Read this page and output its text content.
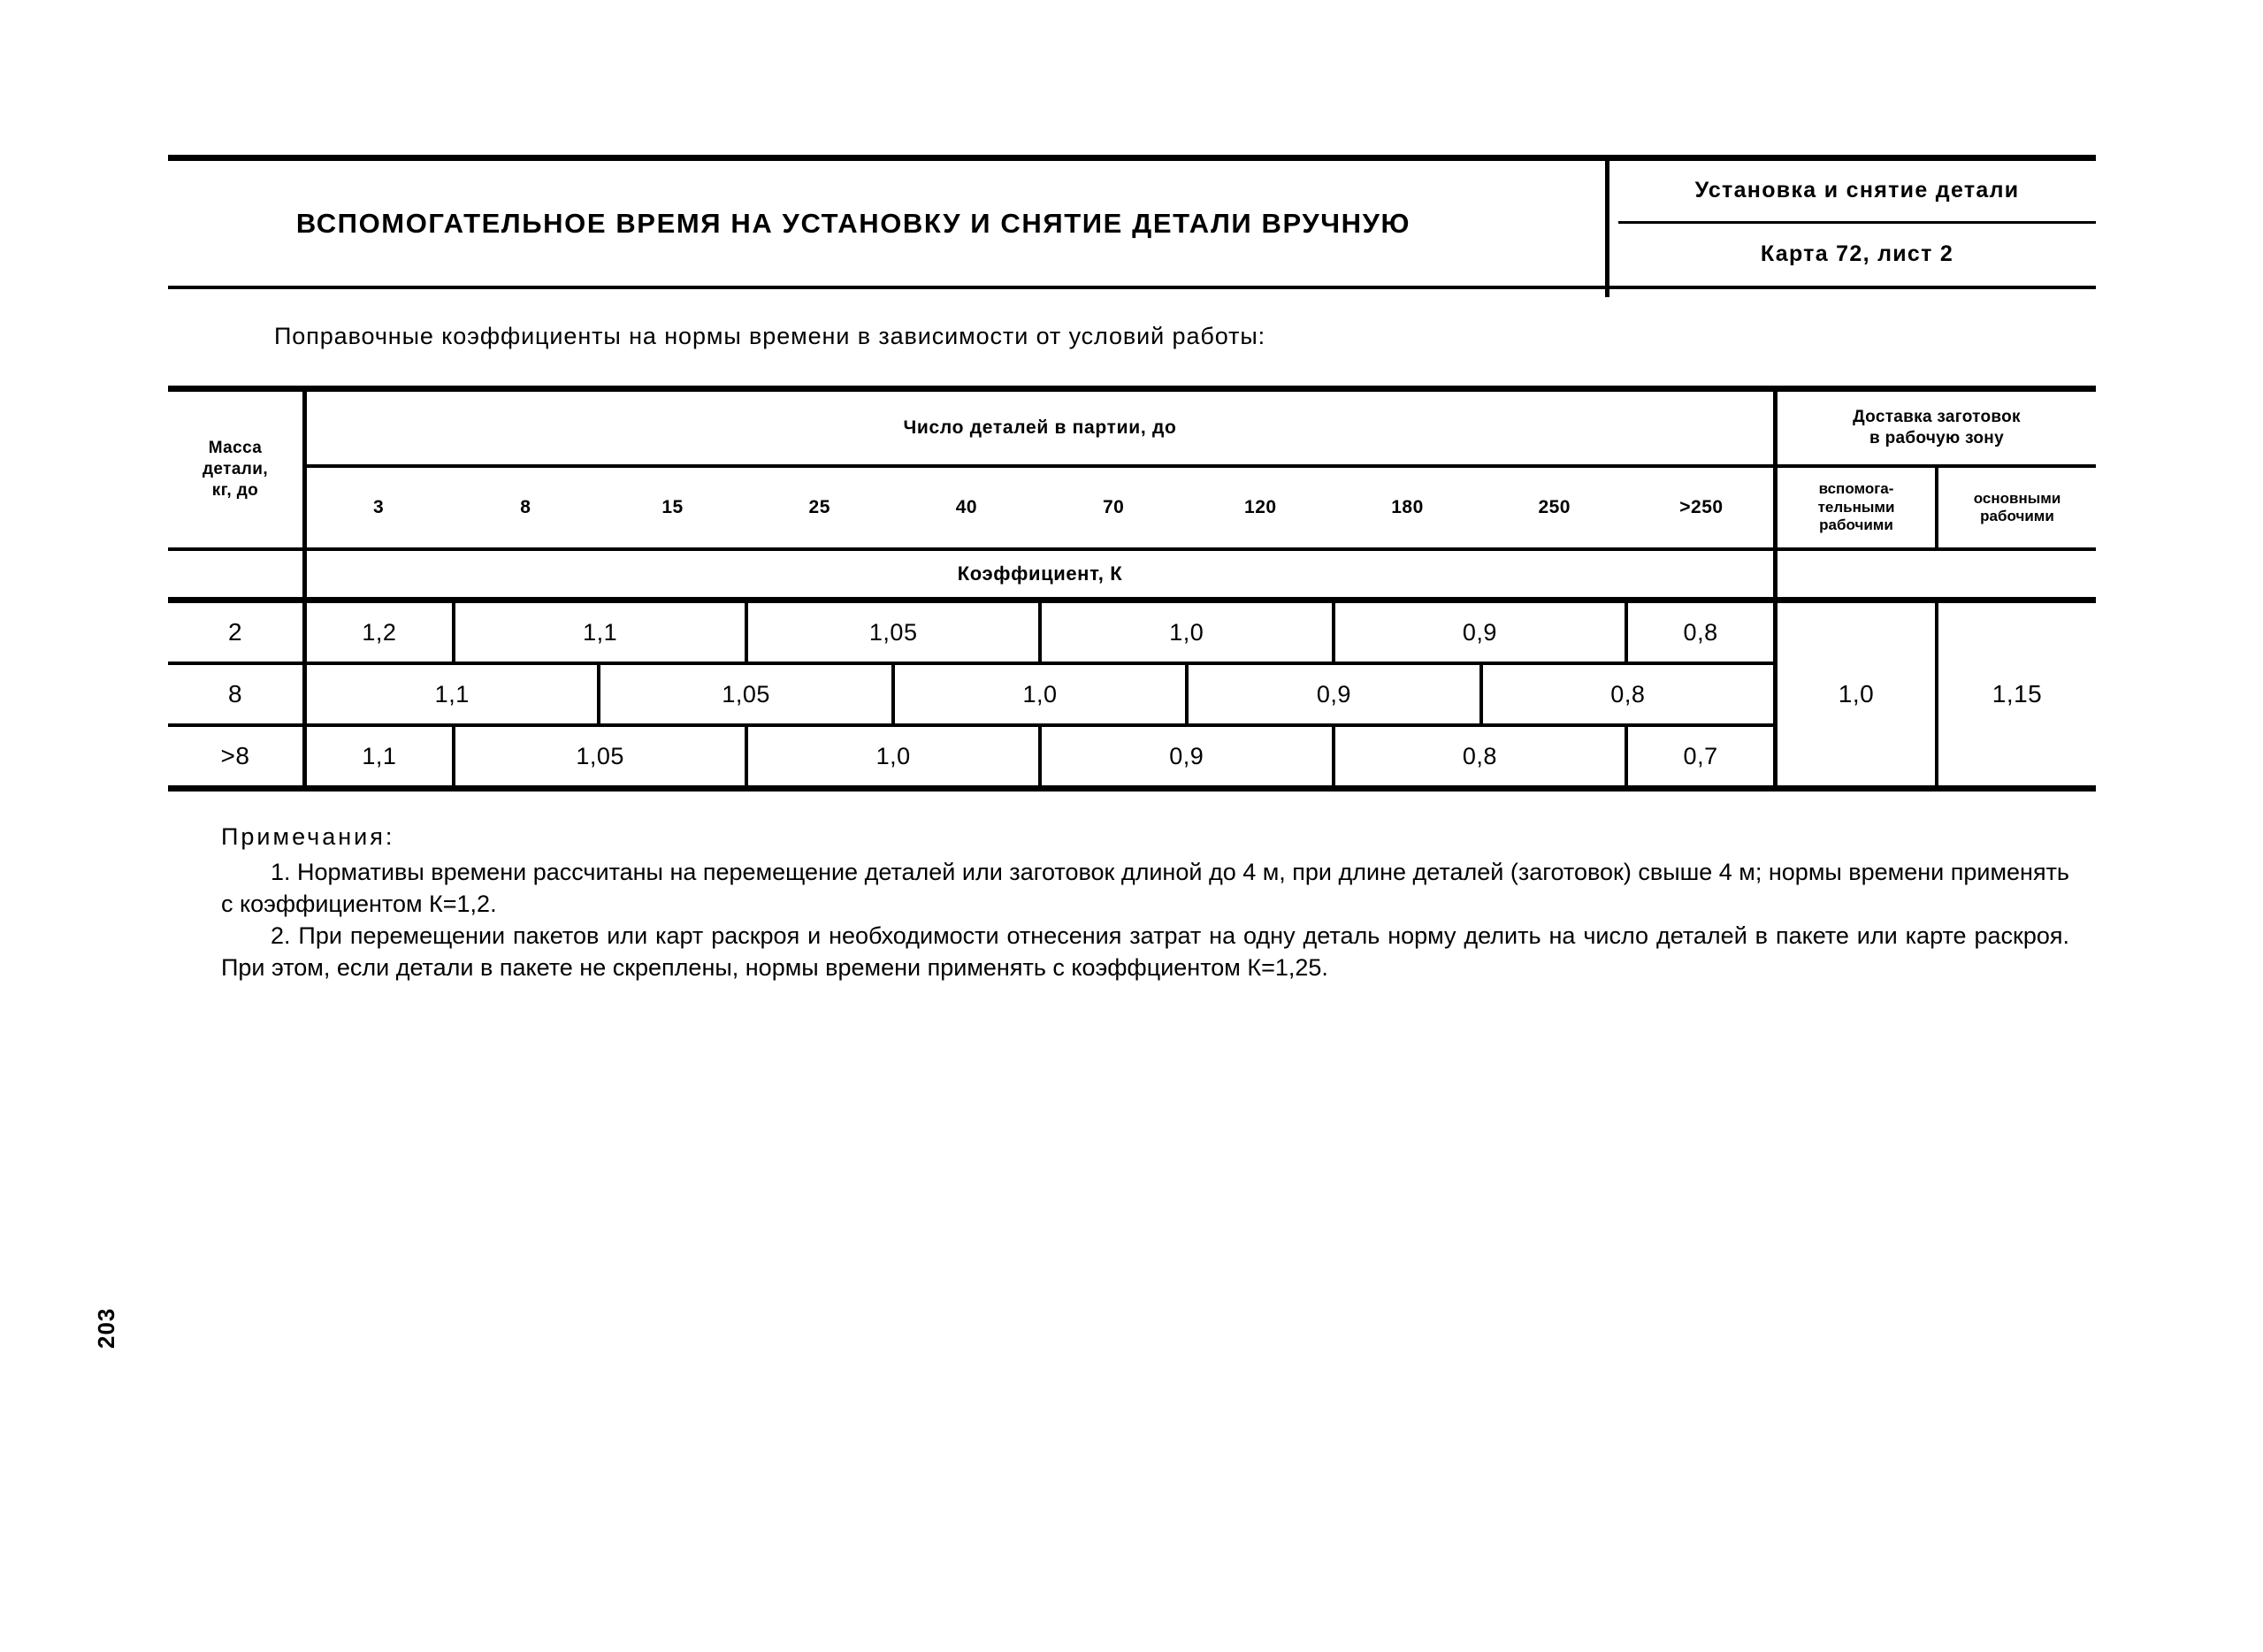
ВСПОМОГАТЕЛЬНОЕ ВРЕМЯ НА УСТАНОВКУ И СНЯТИЕ ДЕТАЛИ ВРУЧНУЮ
Установка и снятие детали
Карта 72, лист 2
Поправочные коэффициенты на нормы времени в зависимости от условий работы:
Масса
детали,
кг, до
Число деталей в партии, до
3	8	15	25	40	70	120	180	250	>250
Доставка заготовок
в рабочую зону
вспомога-
тельными
рабочими
основными
рабочими
Коэффициент, К
2	1,2	1,1	1,05	1,0	0,9	0,8
8	1,1	1,05	1,0	0,9	0,8
>8	1,1	1,05	1,0	0,9	0,8	0,7
1,0	1,15
Примечания:

1. Нормативы времени рассчитаны на перемещение деталей или заготовок длиной до 4 м, при длине деталей (заготовок) свыше 4 м; нормы времени применять с коэффициентом К=1,2.

2. При перемещении пакетов или карт раскроя и необходимости отнесения затрат на одну деталь норму делить на число деталей в пакете или карте раскроя. При этом, если детали в пакете не скреплены, нормы времени применять с коэффциентом К=1,25.

203
